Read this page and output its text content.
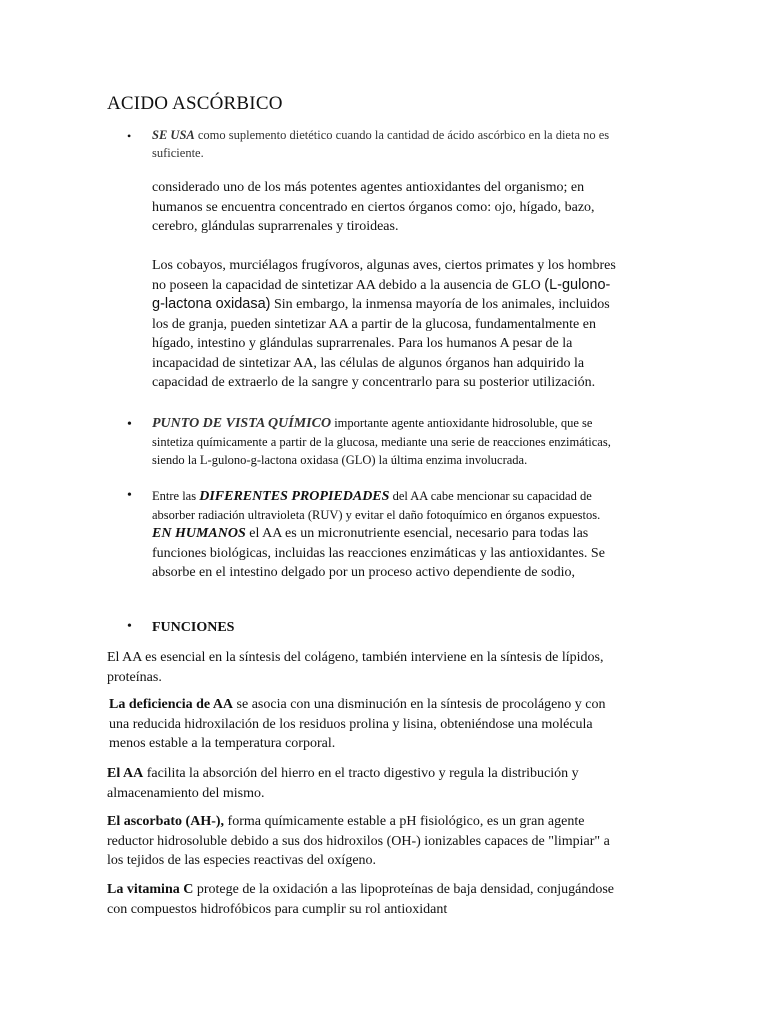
ACIDO ASCÓRBICO
• SE USA como suplemento dietético cuando la cantidad de ácido ascórbico en la dieta no es
suficiente.
considerado uno de los más potentes agentes antioxidantes del organismo; en
humanos se encuentra concentrado en ciertos órganos como: ojo, hígado, bazo,
cerebro, glándulas suprarrenales y tiroideas.
Los cobayos, murciélagos frugívoros, algunas aves, ciertos primates y los hombres
no poseen la capacidad de sintetizar AA debido a la ausencia de GLO (L-gulono-
g-lactona oxidasa) Sin embargo, la inmensa mayoría de los animales, incluidos
los de granja, pueden sintetizar AA a partir de la glucosa, fundamentalmente en
hígado, intestino y glándulas suprarrenales. Para los humanos A pesar de la
incapacidad de sintetizar AA, las células de algunos órganos han adquirido la
capacidad de extraerlo de la sangre y concentrarlo para su posterior utilización.
• PUNTO DE VISTA QUÍMICO importante agente antioxidante hidrosoluble, que se
sintetiza químicamente a partir de la glucosa, mediante una serie de reacciones enzimáticas,
siendo la L-gulono-g-lactona oxidasa (GLO) la última enzima involucrada.
• Entre las DIFERENTES PROPIEDADES del AA cabe mencionar su capacidad de
absorber radiación ultravioleta (RUV) y evitar el daño fotoquímico en órganos expuestos.
EN HUMANOS el AA es un micronutriente esencial, necesario para todas las
funciones biológicas, incluidas las reacciones enzimáticas y las antioxidantes. Se
absorbe en el intestino delgado por un proceso activo dependiente de sodio,
• FUNCIONES
El AA es esencial en la síntesis del colágeno, también interviene en la síntesis de lípidos,
proteínas.
La deficiencia de AA se asocia con una disminución en la síntesis de procolágeno y con
una reducida hidroxilación de los residuos prolina y lisina, obteniéndose una molécula
menos estable a la temperatura corporal.
El AA facilita la absorción del hierro en el tracto digestivo y regula la distribución y
almacenamiento del mismo.
El ascorbato (AH-), forma químicamente estable a pH fisiológico, es un gran agente
reductor hidrosoluble debido a sus dos hidroxilos (OH-) ionizables capaces de "limpiar" a
los tejidos de las especies reactivas del oxígeno.
La vitamina C protege de la oxidación a las lipoproteínas de baja densidad, conjugándose
con compuestos hidrofóbicos para cumplir su rol antioxidant
